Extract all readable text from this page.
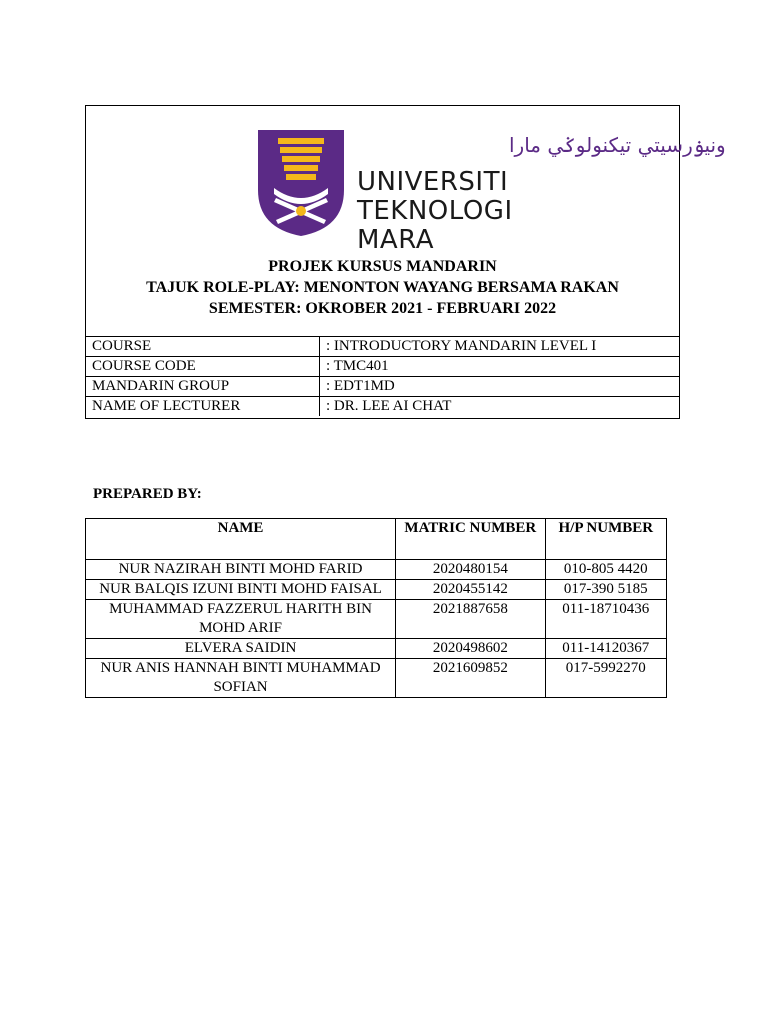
ونيۏرسيتي تيكنولوݢي مارا
UNIVERSITI
TEKNOLOGI
MARA
PROJEK KURSUS MANDARIN
TAJUK ROLE-PLAY: MENONTON WAYANG BERSAMA RAKAN
SEMESTER: OKROBER 2021 - FEBRUARI 2022
COURSE	: INTRODUCTORY MANDARIN LEVEL I
COURSE CODE	: TMC401
MANDARIN GROUP	: EDT1MD
NAME OF LECTURER	: DR. LEE AI CHAT
PREPARED BY:
NAME	MATRIC NUMBER	H/P NUMBER
NUR NAZIRAH BINTI MOHD FARID	2020480154	010-805 4420
NUR BALQIS IZUNI BINTI MOHD FAISAL	2020455142	017-390 5185
MUHAMMAD FAZZERUL HARITH BIN MOHD ARIF	2021887658	011-18710436
ELVERA SAIDIN	2020498602	011-14120367
NUR ANIS HANNAH BINTI MUHAMMAD SOFIAN	2021609852	017-5992270
